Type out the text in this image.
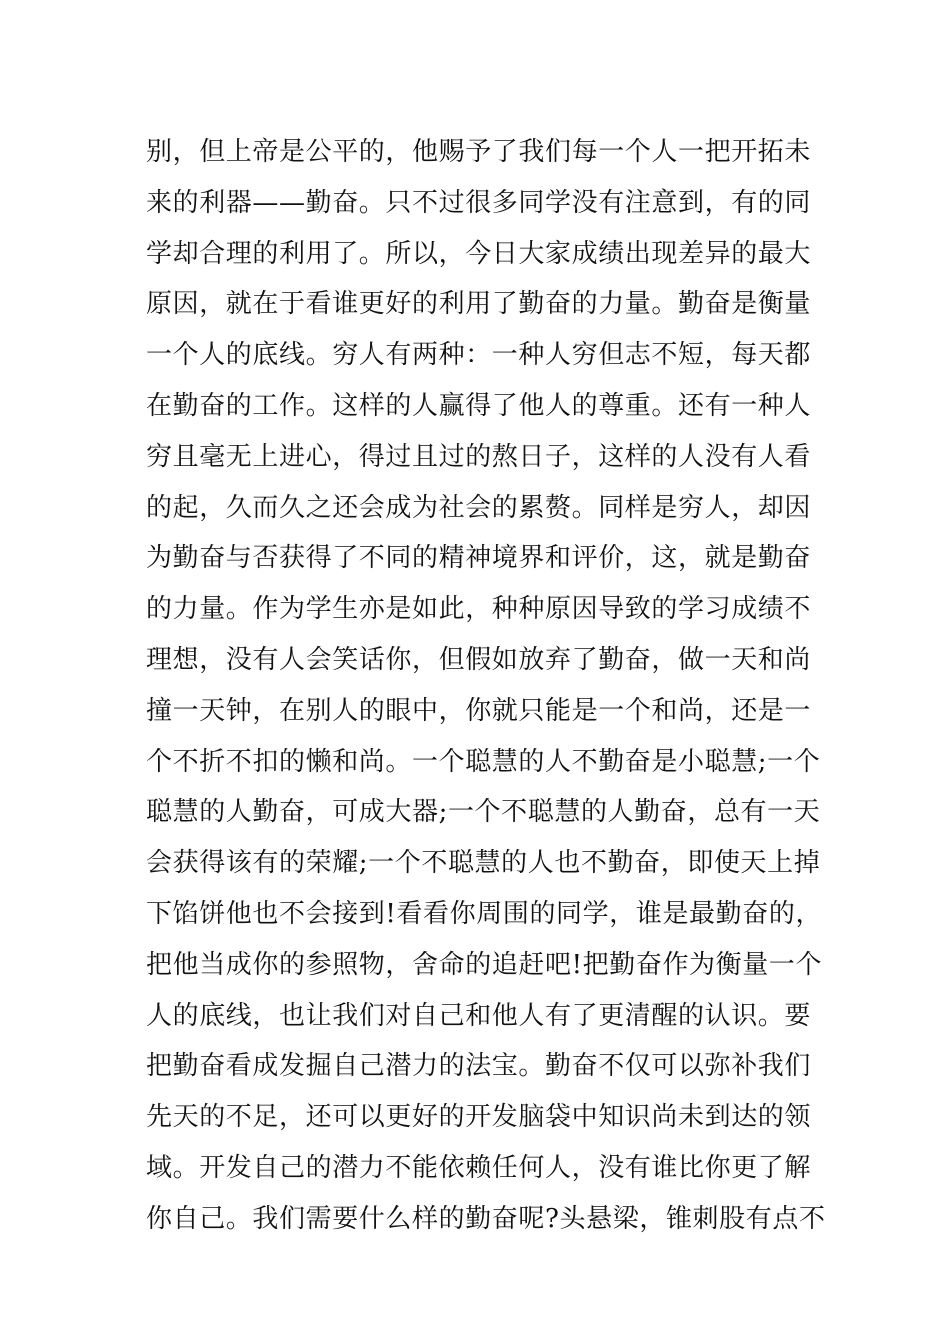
别，但上帝是公平的，他赐予了我们每一个人一把开拓未
来的利器——勤奋。只不过很多同学没有注意到，有的同
学却合理的利用了。所以，今日大家成绩出现差异的最大
原因，就在于看谁更好的利用了勤奋的力量。勤奋是衡量
一个人的底线。穷人有两种：一种人穷但志不短，每天都
在勤奋的工作。这样的人赢得了他人的尊重。还有一种人
穷且毫无上进心，得过且过的熬日子，这样的人没有人看
的起，久而久之还会成为社会的累赘。同样是穷人，却因
为勤奋与否获得了不同的精神境界和评价，这，就是勤奋
的力量。作为学生亦是如此，种种原因导致的学习成绩不
理想，没有人会笑话你，但假如放弃了勤奋，做一天和尚
撞一天钟，在别人的眼中，你就只能是一个和尚，还是一
个不折不扣的懒和尚。一个聪慧的人不勤奋是小聪慧;一个
聪慧的人勤奋，可成大器;一个不聪慧的人勤奋，总有一天
会获得该有的荣耀;一个不聪慧的人也不勤奋，即使天上掉
下馅饼他也不会接到!看看你周围的同学，谁是最勤奋的，
把他当成你的参照物，舍命的追赶吧!把勤奋作为衡量一个
人的底线，也让我们对自己和他人有了更清醒的认识。要
把勤奋看成发掘自己潜力的法宝。勤奋不仅可以弥补我们
先天的不足，还可以更好的开发脑袋中知识尚未到达的领
域。开发自己的潜力不能依赖任何人，没有谁比你更了解
你自己。我们需要什么样的勤奋呢?头悬梁，锥刺股有点不
